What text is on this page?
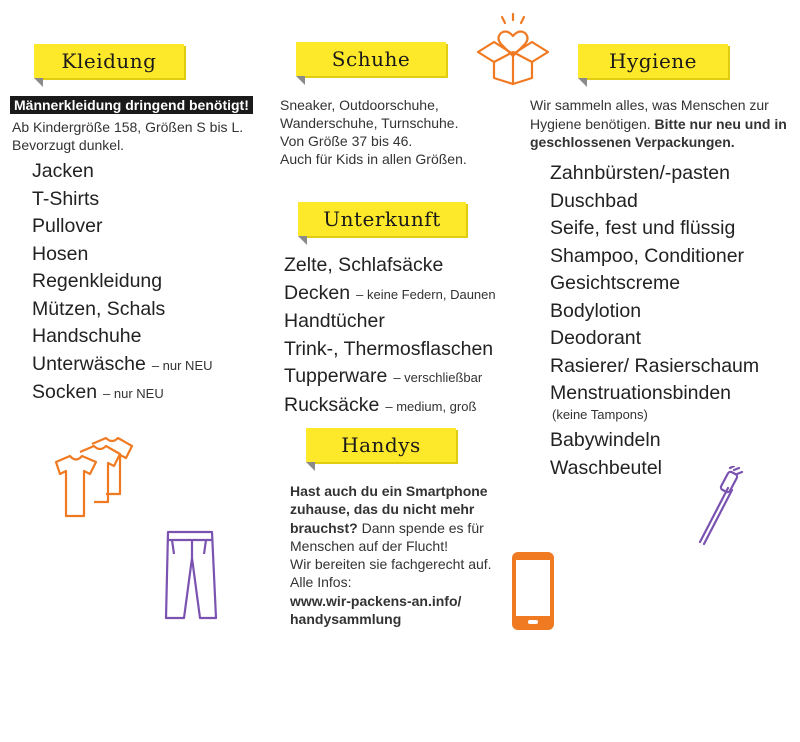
Kleidung
Männerkleidung dringend benötigt!
Ab Kindergröße 158, Größen S bis L.
Bevorzugt dunkel.
Jacken
T-Shirts
Pullover
Hosen
Regenkleidung
Mützen, Schals
Handschuhe
Unterwäsche – nur NEU
Socken – nur NEU
Schuhe
Sneaker, Outdoorschuhe,
Wanderschuhe, Turnschuhe.
Von Größe 37 bis 46.
Auch für Kids in allen Größen.
Unterkunft
Zelte, Schlafsäcke
Decken – keine Federn, Daunen
Handtücher
Trink-, Thermosflaschen
Tupperware – verschließbar
Rucksäcke – medium, groß
Handys
Hast auch du ein Smartphone zuhause, das du nicht mehr brauchst? Dann spende es für Menschen auf der Flucht!
Wir bereiten sie fachgerecht auf. Alle Infos:
www.wir-packens-an.info/
handysammlung
Hygiene
Wir sammeln alles, was Menschen zur Hygiene benötigen. Bitte nur neu und in geschlossenen Verpackungen.
Zahnbürsten/-pasten
Duschbad
Seife, fest und flüssig
Shampoo, Conditioner
Gesichtscreme
Bodylotion
Deodorant
Rasierer/ Rasierschaum
Menstruationsbinden
(keine Tampons)
Babywindeln
Waschbeutel
